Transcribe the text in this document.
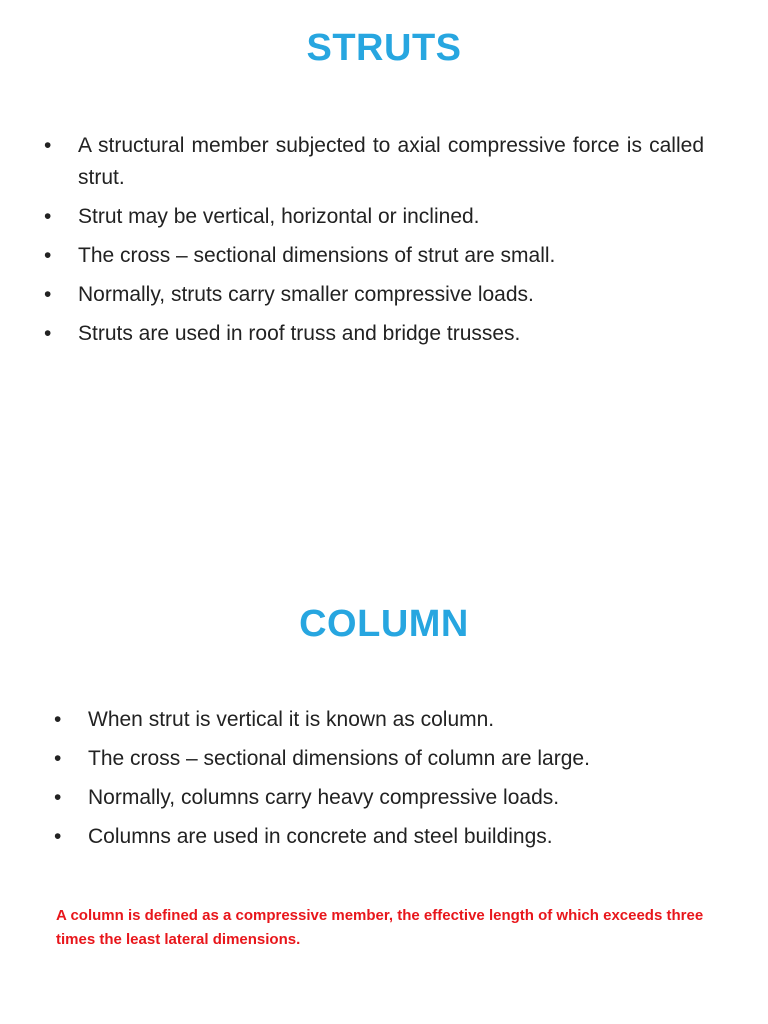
STRUTS
•	A structural member subjected to axial compressive force is called strut.
•	Strut may be vertical, horizontal or inclined.
•	The cross – sectional dimensions of strut are small.
•	Normally, struts carry smaller compressive loads.
•	Struts are used in roof truss and bridge trusses.
COLUMN
•	When strut is vertical it is known as column.
•	The cross – sectional dimensions of column are large.
•	Normally, columns carry heavy compressive loads.
•	Columns are used in concrete and steel buildings.

A column is defined as a compressive member, the effective length of which exceeds three times the least lateral dimensions.
